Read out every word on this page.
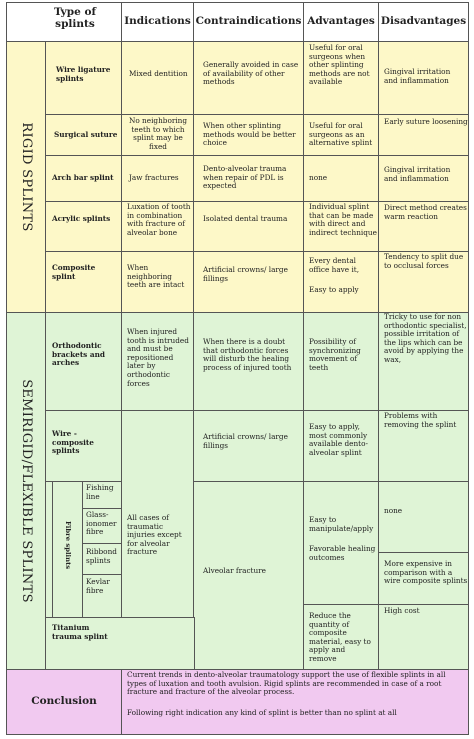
Type of splints	Indications Contraindications Advantages Disadvantages
RIGID SPLINTS
Wire ligature splints
Mixed dentition
Generally avoided in case of availability of other methods
Useful for oral surgeons when other splinting methods are not available
Gingival irritation and inflammation
Surgical suture
No neighboring teeth to which splint may be fixed
When other splinting methods would be better choice
Useful for oral surgeons as an alternative splint
Early suture loosening
Arch bar splint	Jaw fractures
Dento-alveolar trauma when repair of PDL is expected
none
Gingival irritation and inflammation
Acrylic splints
Luxation of tooth in combination with fracture of alveolar bone
Isolated dental trauma
Individual splint that can be made with direct and indirect technique
Direct method creates warm reaction
Composite splint
When neighboring teeth are intact
Artificial crowns/ large fillings
Every dental office have it,
Easy to apply
Tendency to split due to occlusal forces
SEMIRIGID/FLEXIBLE SPLINTS
Orthodontic brackets and arches
When injured tooth is intruded and must be repositioned later by orthodontic forces
When there is a doubt that orthodontic forces will disturb the healing process of injured tooth
Possibility of synchronizing movement of teeth
Tricky to use for non orthodontic specialist, possible irritation of the lips which can be avoid by applying the wax,
Wire - composite splints
All cases of traumatic injuries except for alveolar fracture
Artificial crowns/ large fillings
Easy to apply, most commonly available dento-alveolar splint
Problems with removing the splint
Fibre splints
Fishing line
Glass-ionomer fibre
Ribbond splints
Kevlar fibre
Alveolar fracture
Easy to manipulate/apply
Favorable healing outcomes
none
More expensive in comparison with a wire composite splints
Titanium trauma splint
Reduce the quantity of composite material, easy to apply and remove
High cost
Conclusion
Current trends in dento-alveolar traumatology support the use of flexible splints in all types of luxation and tooth avulsion. Rigid splints are recommended in case of a root fracture and fracture of the alveolar process.
Following right indication any kind of splint is better than no splint at all
